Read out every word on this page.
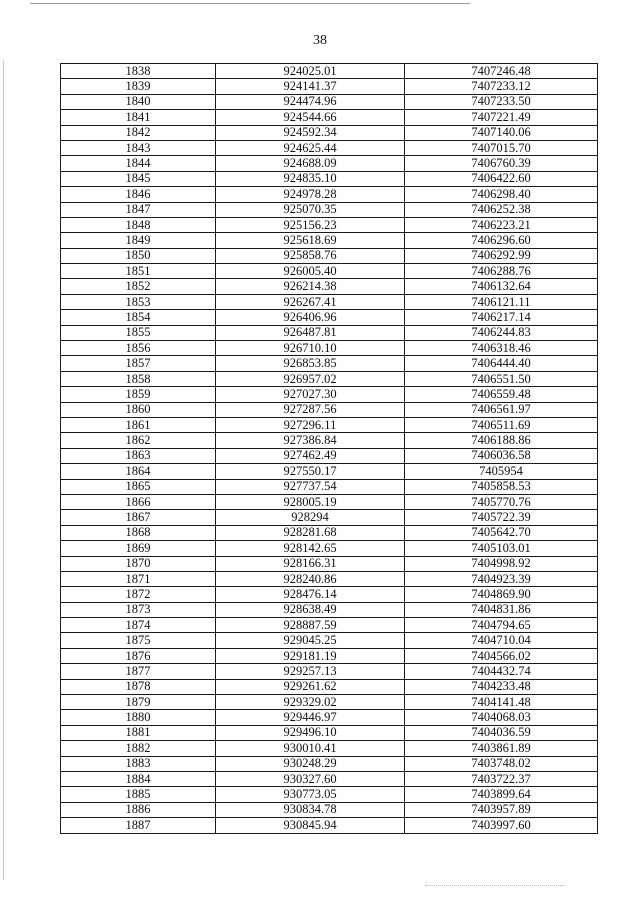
38
1838	924025.01	7407246.48
1839	924141.37	7407233.12
1840	924474.96	7407233.50
1841	924544.66	7407221.49
1842	924592.34	7407140.06
1843	924625.44	7407015.70
1844	924688.09	7406760.39
1845	924835.10	7406422.60
1846	924978.28	7406298.40
1847	925070.35	7406252.38
1848	925156.23	7406223.21
1849	925618.69	7406296.60
1850	925858.76	7406292.99
1851	926005.40	7406288.76
1852	926214.38	7406132.64
1853	926267.41	7406121.11
1854	926406.96	7406217.14
1855	926487.81	7406244.83
1856	926710.10	7406318.46
1857	926853.85	7406444.40
1858	926957.02	7406551.50
1859	927027.30	7406559.48
1860	927287.56	7406561.97
1861	927296.11	7406511.69
1862	927386.84	7406188.86
1863	927462.49	7406036.58
1864	927550.17	7405954
1865	927737.54	7405858.53
1866	928005.19	7405770.76
1867	928294	7405722.39
1868	928281.68	7405642.70
1869	928142.65	7405103.01
1870	928166.31	7404998.92
1871	928240.86	7404923.39
1872	928476.14	7404869.90
1873	928638.49	7404831.86
1874	928887.59	7404794.65
1875	929045.25	7404710.04
1876	929181.19	7404566.02
1877	929257.13	7404432.74
1878	929261.62	7404233.48
1879	929329.02	7404141.48
1880	929446.97	7404068.03
1881	929496.10	7404036.59
1882	930010.41	7403861.89
1883	930248.29	7403748.02
1884	930327.60	7403722.37
1885	930773.05	7403899.64
1886	930834.78	7403957.89
1887	930845.94	7403997.60
